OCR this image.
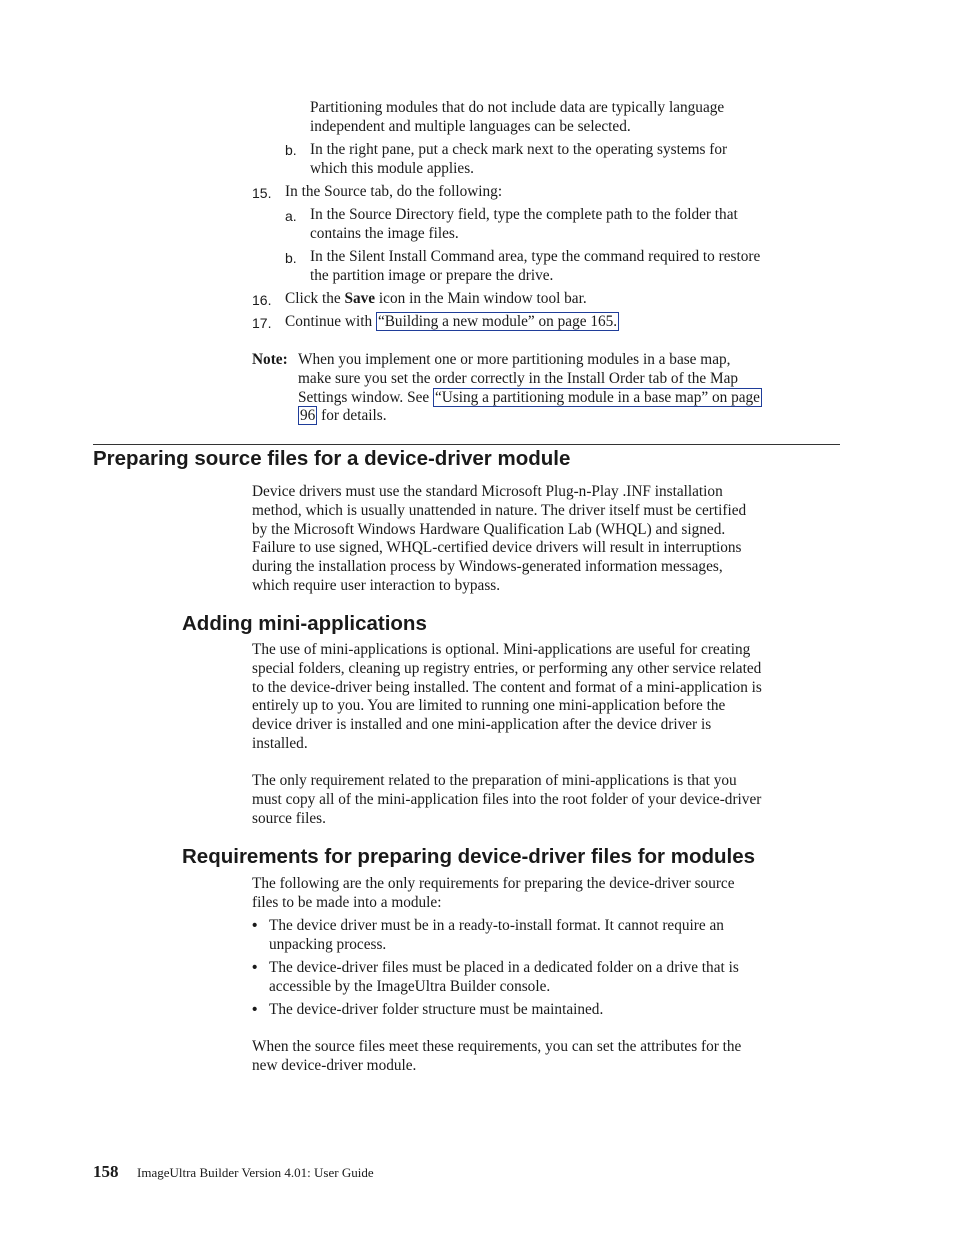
Partitioning modules that do not include data are typically language
independent and multiple languages can be selected.
b. In the right pane, put a check mark next to the operating systems for
which this module applies.
15. In the Source tab, do the following:
a. In the Source Directory field, type the complete path to the folder that
contains the image files.
b. In the Silent Install Command area, type the command required to restore
the partition image or prepare the drive.
16. Click the Save icon in the Main window tool bar.
17. Continue with “Building a new module” on page 165.
Note: When you implement one or more partitioning modules in a base map,
make sure you set the order correctly in the Install Order tab of the Map
Settings window. See “Using a partitioning module in a base map” on page
96 for details.
Preparing source files for a device-driver module
Device drivers must use the standard Microsoft Plug-n-Play .INF installation
method, which is usually unattended in nature. The driver itself must be certified
by the Microsoft Windows Hardware Qualification Lab (WHQL) and signed.
Failure to use signed, WHQL-certified device drivers will result in interruptions
during the installation process by Windows-generated information messages,
which require user interaction to bypass.
Adding mini-applications
The use of mini-applications is optional. Mini-applications are useful for creating
special folders, cleaning up registry entries, or performing any other service related
to the device-driver being installed. The content and format of a mini-application is
entirely up to you. You are limited to running one mini-application before the
device driver is installed and one mini-application after the device driver is
installed.
The only requirement related to the preparation of mini-applications is that you
must copy all of the mini-application files into the root folder of your device-driver
source files.
Requirements for preparing device-driver files for modules
The following are the only requirements for preparing the device-driver source
files to be made into a module:
• The device driver must be in a ready-to-install format. It cannot require an
unpacking process.
• The device-driver files must be placed in a dedicated folder on a drive that is
accessible by the ImageUltra Builder console.
• The device-driver folder structure must be maintained.
When the source files meet these requirements, you can set the attributes for the
new device-driver module.
158 ImageUltra Builder Version 4.01: User Guide
